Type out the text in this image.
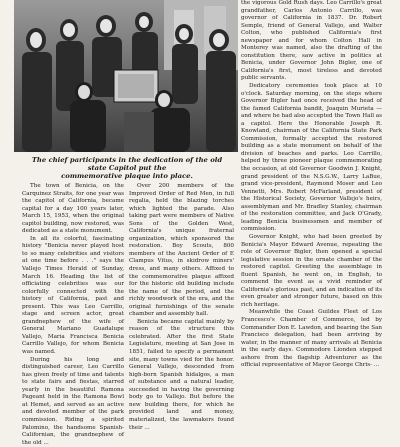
The chief participants in the dedication of the old state Capitol put the
commemorative plaque into place.

The town of Benicia, on the Carquinez Straits, for one year was the capitol of California, became capital for a day 100 years later, March 15, 1953, when the original capitol building, now restored, was dedicated as a state monument.

In all its colorful, fascinating history "Benicia never played host to so many celebrities and visitors at one time before . . ." says the Vallejo Times Herald of Sunday, March 16. Heading the list of officiating celebrities was our colorfully connected with the history of California, past and present. This was Leo Carrillo, stage and screen actor, great grandnephew of the wife of General Mariano Guadalupe Vallejo, Maria Francisca Benicia Carrillo Vallejo, for whom Benicia was named.

During his long and distinguished career, Leo Carrillo has given freely of time and talents to state fairs and fiestas, starred yearly in the beautiful Ramona Pageant held in the Ramona Bowl at Hemet, and served as an active and devoted member of the park commission. Riding a spirited Palomino, the handsome Spanish-Californian, the grandnephew of the old ...

Over 200 members of the Improved Order of Red Men, in full regalia, held the blazing torches which lighted the parade. Also taking part were members of Native Sons of the Golden West, California's unique fraternal organization, which sponsored the restoration. Boy Scouts, 800 members of the Ancient Order of E Clampus Vitus, in skidrow miners' dress, and many others. Affixed to the commemorative plaque affixed for the historic old building include the name of the period, and the richly woodwork of the era, and the original furnishings of the senate chamber and assembly hall.

Benicia became capital mainly by reason of the structure this celebrated. After the first State Legislature, meeting at San Jose in 1851, failed to specify a permanent site, many towns vied for the honor. General Vallejo, descended from high-born Spanish hidalgos, a man of substance and a natural leader, succeeded in having the governing body go to Vallejo. But before the new building there, for which he provided land and money, materialized, the lawmakers found their ...

the vigorous Gold Rush days. Leo Carrillo's great grandfather, Carlos Antonio Carrillo, was governor of California in 1837. Dr. Robert Semple, friend of General Vallejo, and Walter Colton, who published California's first newspaper and for whom Colton Hall in Monterey was named, also the drafting of the constitution there, saw active in politics at Benicia, under Governor John Bigler, one of California's first, most tireless and devoted public servants.

Dedicatory ceremonies took place at 10 o'clock. Saturday morning, on the steps where Governor Bigler had once received the head of the famed California bandit, Joaquin Murieta — and where he had also accepted the Town Hall as a capitol. Here the Honorable Joseph R. Knowland, chairman of the California State Park Commission, formally accepted the restored building as a state monument on behalf of the division of beaches and parks. Leo Carrillo, helped by three pioneer plaque commemorating the occasion, at old Governor Goodwin J. Knight, grand president of the N.S.G.W., Larry LaBue, grand vice-president, Raymond Moser and Leo Vennetti, Mrs. Robert McFarland, president of the Historical Society, Governor Vallejo's heirs, assemblyman and Mr. Bradley Stanley, chairman of the restoration committee, and Jack O'Grady, leading Benicia businessmen and member of commission.

Governor Knight, who had been greeted by Benicia's Mayor Edward Avenue, repeating the role of Governor Bigler, then opened a special legislative session in the ornate chamber of the restored capitol. Greeting the assemblage in fluent Spanish, he went on, in English, to commend the event as a vivid reminder of California's glorious past, and an indication of its even greater and stronger future, based on this rich heritage.

Meanwhile the Coast Guildes Fleet of Los Francesco's Chamber of Commerce, led by Commander Don E. Lawdon, and bearing the San Francisco delegation, had been arriving by water, in the manner of many arrivals at Benicia in the early days. Commodore Lionden stepped ashore from the flagship Adventurer as the official representative of Mayor George Chris- ...
